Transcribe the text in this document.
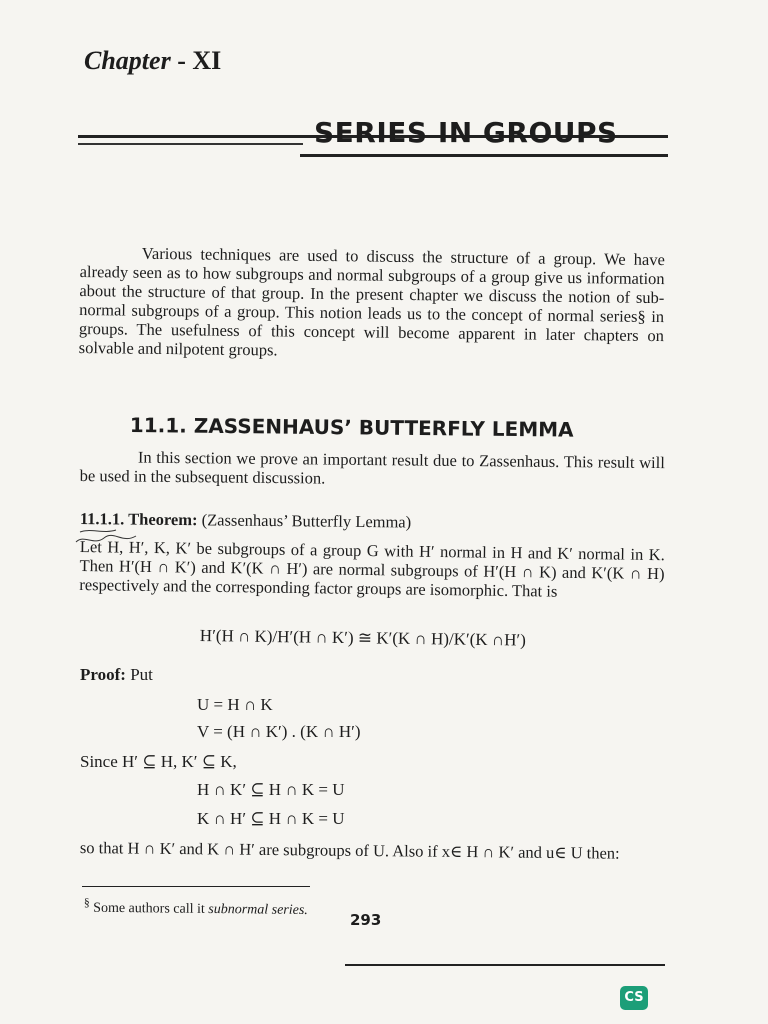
Chapter - XI
SERIES IN GROUPS
Various techniques are used to discuss the structure of a group. We have already seen as to how subgroups and normal subgroups of a group give us information about the structure of that group. In the present chapter we discuss the notion of sub-normal subgroups of a group. This notion leads us to the concept of normal series§ in groups. The usefulness of this concept will become apparent in later chapters on solvable and nilpotent groups.
11.1. ZASSENHAUS’ BUTTERFLY LEMMA
In this section we prove an important result due to Zassenhaus. This result will be used in the subsequent discussion.
11.1.1. Theorem: (Zassenhaus’ Butterfly Lemma)
Let H, H′, K, K′ be subgroups of a group G with H′ normal in H and K′ normal in K. Then H′(H ∩ K′) and K′(K ∩ H′) are normal subgroups of H′(H ∩ K) and K′(K ∩ H) respectively and the corresponding factor groups are isomorphic. That is
H′(H ∩ K)/H′(H ∩ K′) ≅ K′(K ∩ H)/K′(K ∩H′)
Proof: Put
U = H ∩ K
V = (H ∩ K′) . (K ∩ H′)
Since H′ ⊆ H, K′ ⊆ K,
H ∩ K′ ⊆ H ∩ K = U
K ∩ H′ ⊆ H ∩ K = U
so that H ∩ K′ and K ∩ H′ are subgroups of U. Also if x∈ H ∩ K′ and u∈ U then:
§ Some authors call it subnormal series.
293
CS
